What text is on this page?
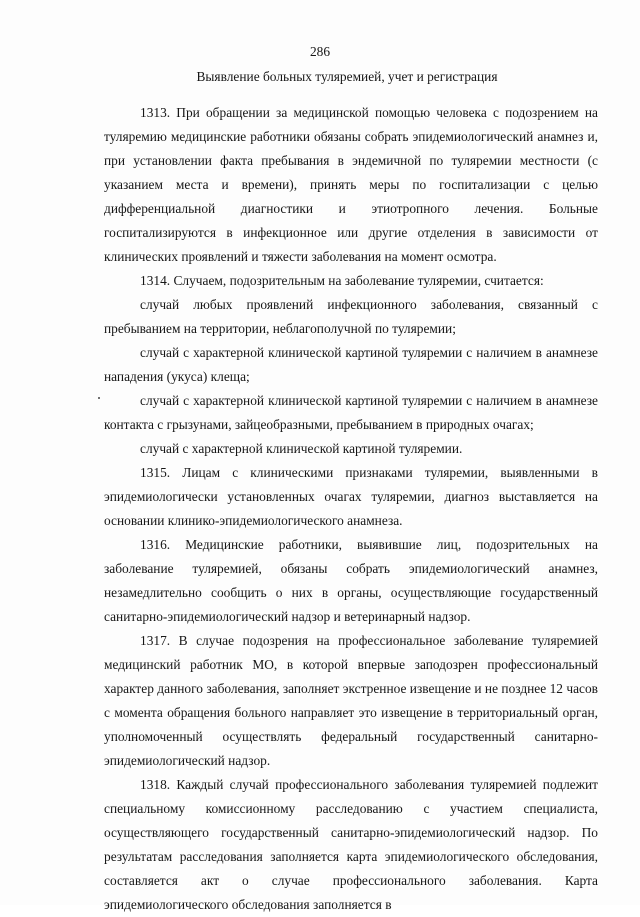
286
Выявление больных туляремией, учет и регистрация

1313. При обращении за медицинской помощью человека с подозрением на туляремию медицинские работники обязаны собрать эпидемиологический анамнез и, при установлении факта пребывания в эндемичной по туляремии местности (с указанием места и времени), принять меры по госпитализации с целью дифференциальной диагностики и этиотропного лечения. Больные госпитализируются в инфекционное или другие отделения в зависимости от клинических проявлений и тяжести заболевания на момент осмотра.

1314. Случаем, подозрительным на заболевание туляремии, считается:

случай любых проявлений инфекционного заболевания, связанный с пребыванием на территории, неблагополучной по туляремии;

случай с характерной клинической картиной туляремии с наличием в анамнезе нападения (укуса) клеща;

случай с характерной клинической картиной туляремии с наличием в анамнезе контакта с грызунами, зайцеобразными, пребыванием в природных очагах;

случай с характерной клинической картиной туляремии.

1315. Лицам с клиническими признаками туляремии, выявленными в эпидемиологически установленных очагах туляремии, диагноз выставляется на основании клинико-эпидемиологического анамнеза.

1316. Медицинские работники, выявившие лиц, подозрительных на заболевание туляремией, обязаны собрать эпидемиологический анамнез, незамедлительно сообщить о них в органы, осуществляющие государственный санитарно-эпидемиологический надзор и ветеринарный надзор.

1317. В случае подозрения на профессиональное заболевание туляремией медицинский работник МО, в которой впервые заподозрен профессиональный характер данного заболевания, заполняет экстренное извещение и не позднее 12 часов с момента обращения больного направляет это извещение в территориальный орган, уполномоченный осуществлять федеральный государственный санитарно-эпидемиологический надзор.

1318. Каждый случай профессионального заболевания туляремией подлежит специальному комиссионному расследованию с участием специалиста, осуществляющего государственный санитарно-эпидемиологический надзор. По результатам расследования заполняется карта эпидемиологического обследования, составляется акт о случае профессионального заболевания. Карта эпидемиологического обследования заполняется в
